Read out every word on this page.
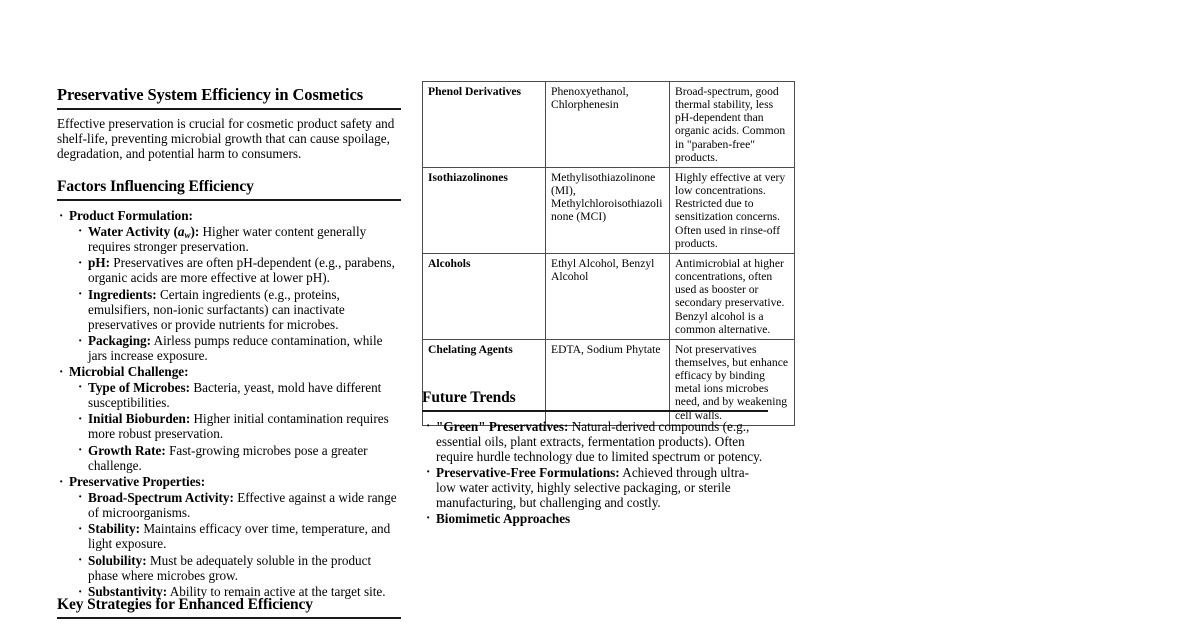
Preservative System Efficiency in Cosmetics

Effective preservation is crucial for cosmetic product safety and shelf-life, preventing microbial growth that can cause spoilage, degradation, and potential harm to consumers.

Factors Influencing Efficiency
· Product Formulation:
· Water Activity $(a_w)$: Higher water content generally requires stronger preservation.
· pH: Preservatives are often pH-dependent (e.g., parabens, organic acids are more effective at lower pH).
· Ingredients: Certain ingredients (e.g., proteins, emulsifiers, non-ionic surfactants) can inactivate preservatives or provide nutrients for microbes.
· Packaging: Airless pumps reduce contamination, while jars increase exposure.
· Microbial Challenge:
· Type of Microbes: Bacteria, yeast, mold have different susceptibilities.
· Initial Bioburden: Higher initial contamination requires more robust preservation.
· Growth Rate: Fast-growing microbes pose a greater challenge.
· Preservative Properties:
· Broad-Spectrum Activity: Effective against a wide range of microorganisms.
· Stability: Maintains efficacy over time, temperature, and light exposure.
· Solubility: Must be adequately soluble in the product phase where microbes grow.
· Substantivity: Ability to remain active at the target site.
Key Strategies for Enhanced Efficiency
Phenol Derivatives	Phenoxyethanol, Chlorphenesin	Broad-spectrum, good thermal stability, less pH-dependent than organic acids. Common in "paraben-free" products.
Isothiazolinones	Methylisothiazolinone (MI), Methylchloroisothiazolinone (MCI)	Highly effective at very low concentrations. Restricted due to sensitization concerns. Often used in rinse-off products.
Alcohols	Ethyl Alcohol, Benzyl Alcohol	Antimicrobial at higher concentrations, often used as booster or secondary preservative. Benzyl alcohol is a common alternative.
Chelating Agents	EDTA, Sodium Phytate	Not preservatives themselves, but enhance efficacy by binding metal ions microbes need, and by weakening cell walls.
Future Trends
· "Green" Preservatives: Natural-derived compounds (e.g., essential oils, plant extracts, fermentation products). Often require hurdle technology due to limited spectrum or potency.
· Preservative-Free Formulations: Achieved through ultra-low water activity, highly selective packaging, or sterile manufacturing, but challenging and costly.
· Biomimetic Approaches
